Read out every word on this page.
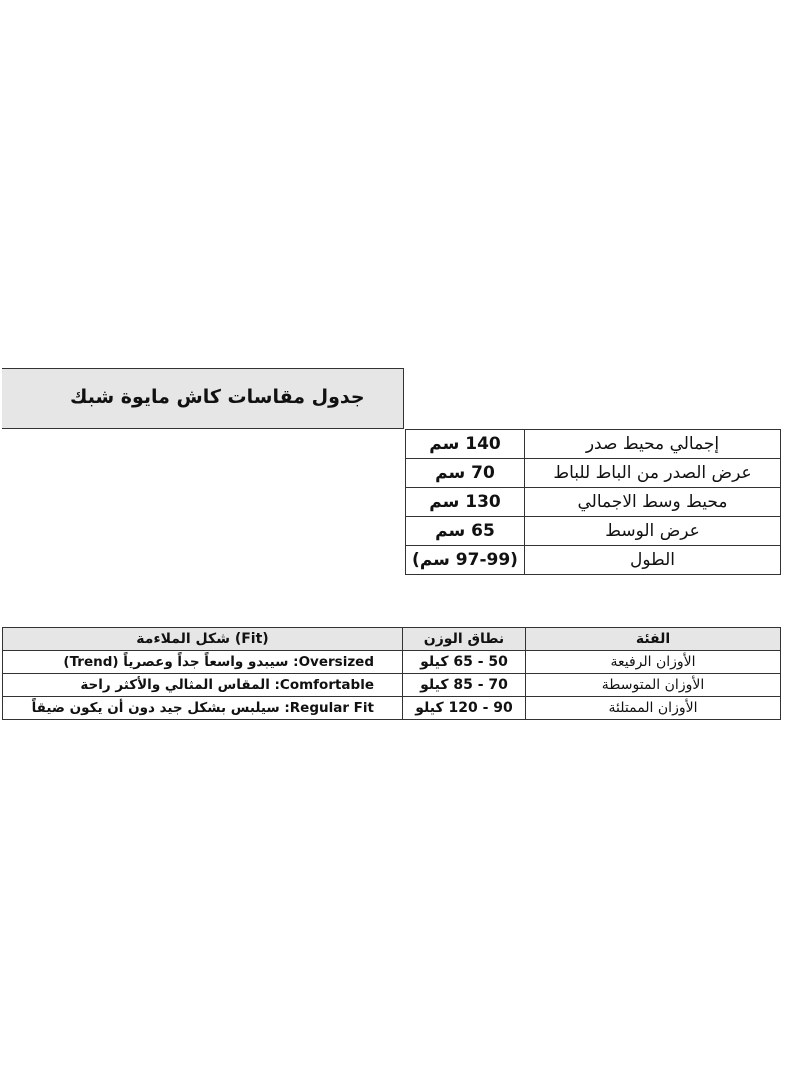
جدول مقاسات كاش مايوة شبك
140 سم	إجمالي محيط صدر
70 سم	عرض الصدر من الباط للباط
130 سم	محيط وسط الاجمالي
65 سم	عرض الوسط
(97-99 سم)	الطول
شكل الملاءمة (Fit)	نطاق الوزن	الفئة
Oversized: سيبدو واسعاً جداً وعصرياً (Trend)	50 - 65 كيلو	الأوزان الرفيعة
Comfortable: المقاس المثالي والأكثر راحة	70 - 85 كيلو	الأوزان المتوسطة
Regular Fit: سيلبس بشكل جيد دون أن يكون ضيقاً	90 - 120 كيلو	الأوزان الممتلئة
